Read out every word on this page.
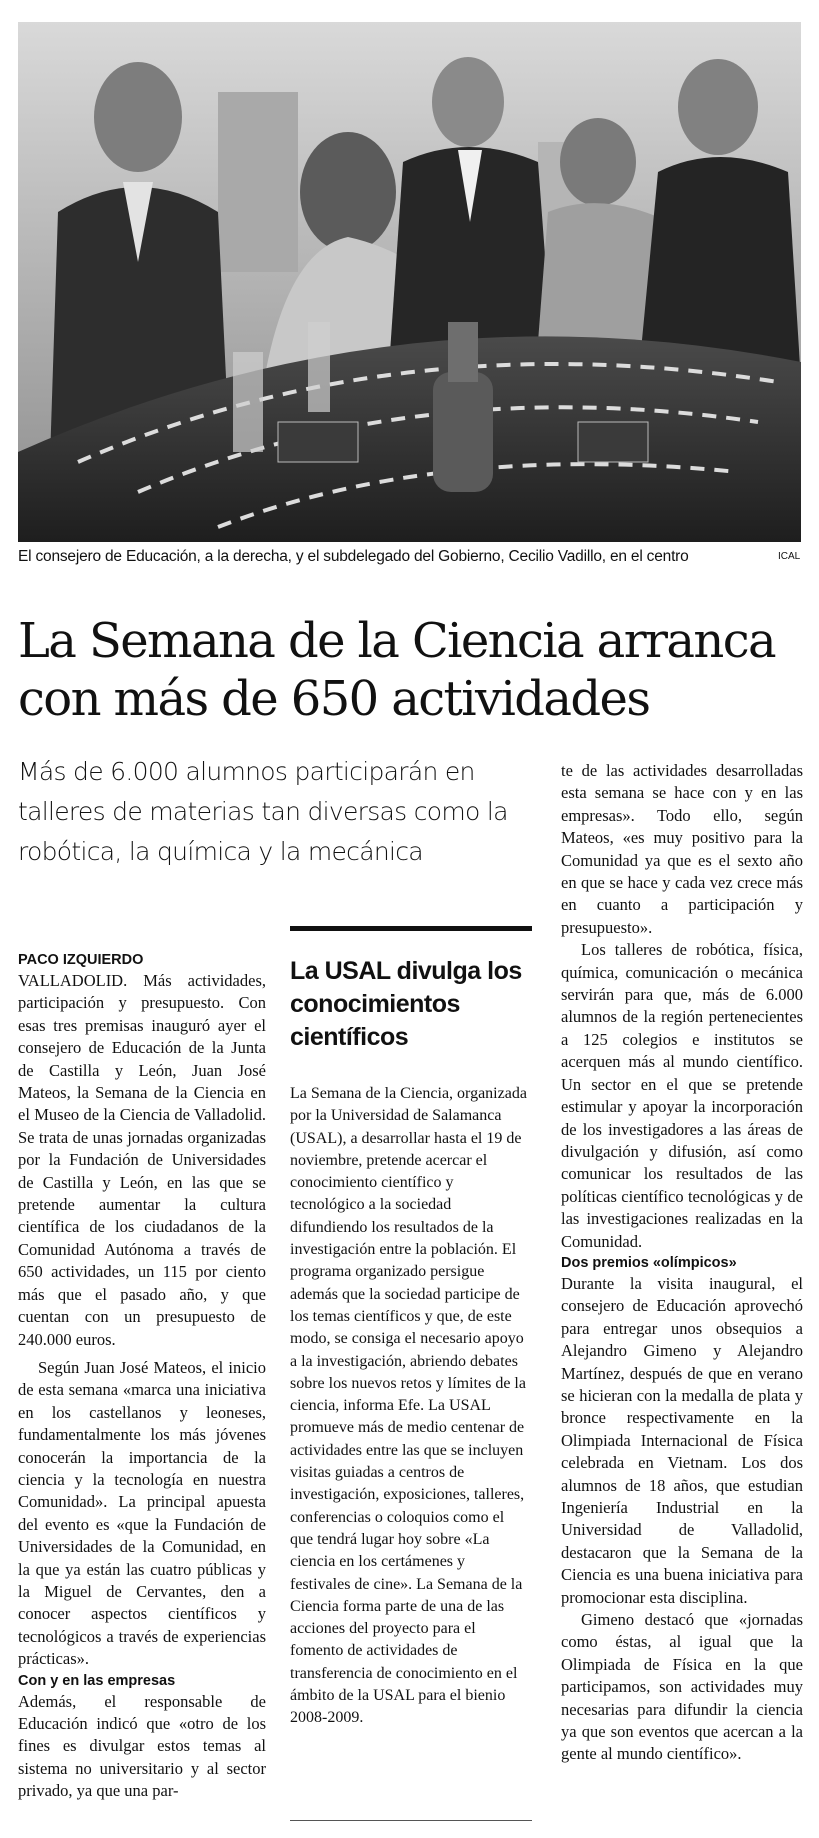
El consejero de Educación, a la derecha, y el subdelegado del Gobierno, Cecilio Vadillo, en el centro	ICAL
La Semana de la Ciencia arranca con más de 650 actividades
Más de 6.000 alumnos participarán en talleres de materias tan diversas como la robótica, la química y la mecánica

PACO IZQUIERDO

VALLADOLID. Más actividades, participación y presupuesto. Con esas tres premisas inauguró ayer el consejero de Educación de la Junta de Castilla y León, Juan José Mateos, la Semana de la Ciencia en el Museo de la Ciencia de Valladolid. Se trata de unas jornadas organizadas por la Fundación de Universidades de Castilla y León, en las que se pretende aumentar la cultura científica de los ciudadanos de la Comunidad Autónoma a través de 650 actividades, un 115 por ciento más que el pasado año, y que cuentan con un presupuesto de 240.000 euros.

Según Juan José Mateos, el inicio de esta semana «marca una iniciativa en los castellanos y leoneses, fundamentalmente los más jóvenes conocerán la importancia de la ciencia y la tecnología en nuestra Comunidad». La principal apuesta del evento es «que la Fundación de Universidades de la Comunidad, en la que ya están las cuatro públicas y la Miguel de Cervantes, den a conocer aspectos científicos y tecnológicos a través de experiencias prácticas».

Con y en las empresas

Además, el responsable de Educación indicó que «otro de los fines es divulgar estos temas al sistema no universitario y al sector privado, ya que una par-

La USAL divulga los conocimientos científicos

La Semana de la Ciencia, organizada por la Universidad de Salamanca (USAL), a desarrollar hasta el 19 de noviembre, pretende acercar el conocimiento científico y tecnológico a la sociedad difundiendo los resultados de la investigación entre la población. El programa organizado persigue además que la sociedad participe de los temas científicos y que, de este modo, se consiga el necesario apoyo a la investigación, abriendo debates sobre los nuevos retos y límites de la ciencia, informa Efe. La USAL promueve más de medio centenar de actividades entre las que se incluyen visitas guiadas a centros de investigación, exposiciones, talleres, conferencias o coloquios como el que tendrá lugar hoy sobre «La ciencia en los certámenes y festivales de cine». La Semana de la Ciencia forma parte de una de las acciones del proyecto para el fomento de actividades de transferencia de conocimiento en el ámbito de la USAL para el bienio 2008-2009.

te de las actividades desarrolladas esta semana se hace con y en las empresas». Todo ello, según Mateos, «es muy positivo para la Comunidad ya que es el sexto año en que se hace y cada vez crece más en cuanto a participación y presupuesto».

Los talleres de robótica, física, química, comunicación o mecánica servirán para que, más de 6.000 alumnos de la región pertenecientes a 125 colegios e institutos se acerquen más al mundo científico. Un sector en el que se pretende estimular y apoyar la incorporación de los investigadores a las áreas de divulgación y difusión, así como comunicar los resultados de las políticas científico tecnológicas y de las investigaciones realizadas en la Comunidad.

Dos premios «olímpicos»

Durante la visita inaugural, el consejero de Educación aprovechó para entregar unos obsequios a Alejandro Gimeno y Alejandro Martínez, después de que en verano se hicieran con la medalla de plata y bronce respectivamente en la Olimpiada Internacional de Física celebrada en Vietnam. Los dos alumnos de 18 años, que estudian Ingeniería Industrial en la Universidad de Valladolid, destacaron que la Semana de la Ciencia es una buena iniciativa para promocionar esta disciplina.

Gimeno destacó que «jornadas como éstas, al igual que la Olimpiada de Física en la que participamos, son actividades muy necesarias para difundir la ciencia ya que son eventos que acercan a la gente al mundo científico».
